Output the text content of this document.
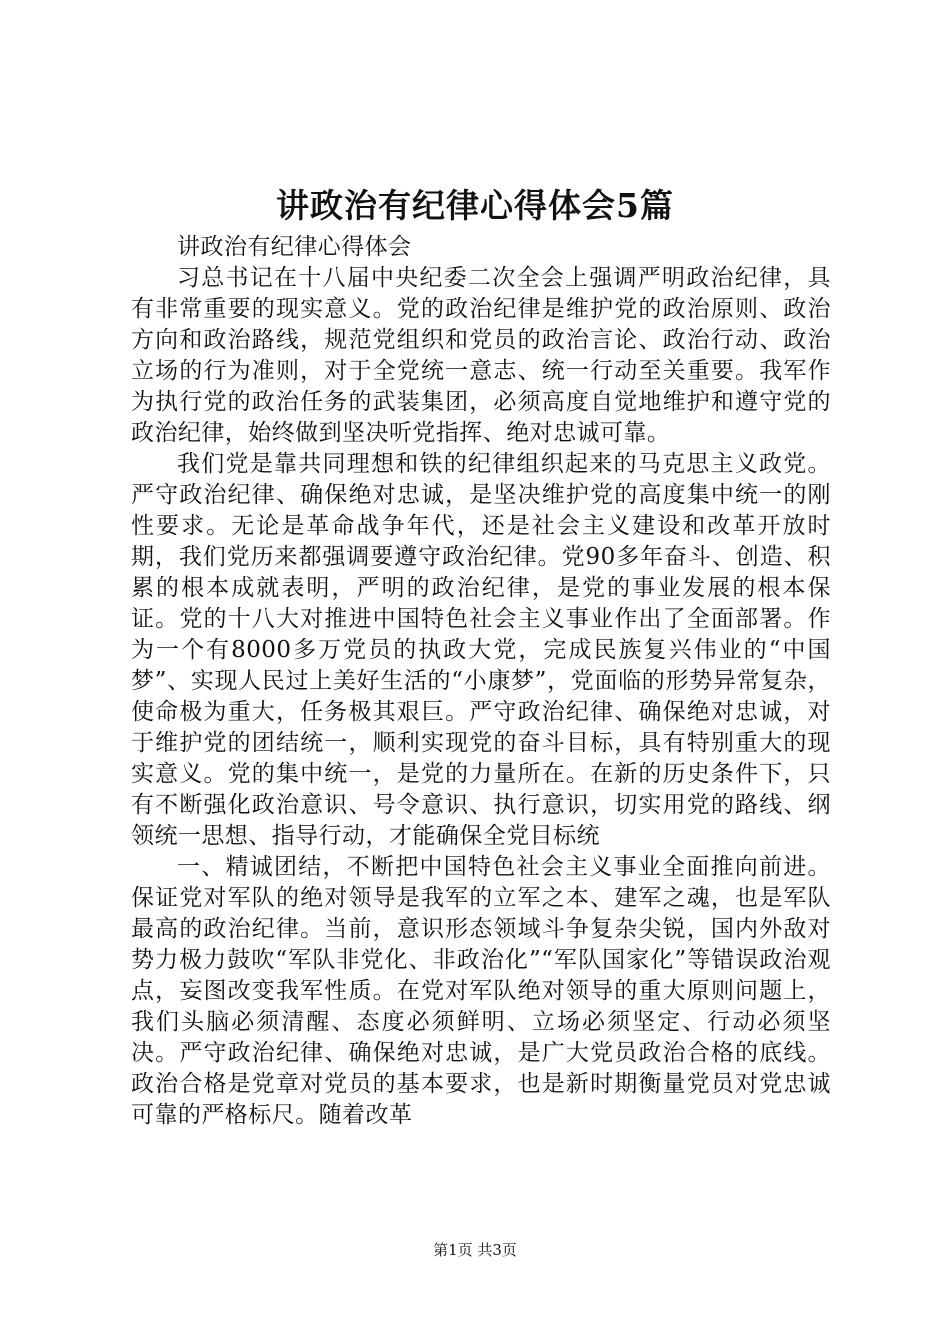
讲政治有纪律心得体会5篇

讲政治有纪律心得体会

习总书记在十八届中央纪委二次全会上强调严明政治纪律，具有非常重要的现实意义。党的政治纪律是维护党的政治原则、政治方向和政治路线，规范党组织和党员的政治言论、政治行动、政治立场的行为准则，对于全党统一意志、统一行动至关重要。我军作为执行党的政治任务的武装集团，必须高度自觉地维护和遵守党的政治纪律，始终做到坚决听党指挥、绝对忠诚可靠。

我们党是靠共同理想和铁的纪律组织起来的马克思主义政党。严守政治纪律、确保绝对忠诚，是坚决维护党的高度集中统一的刚性要求。无论是革命战争年代，还是社会主义建设和改革开放时期，我们党历来都强调要遵守政治纪律。党90多年奋斗、创造、积累的根本成就表明，严明的政治纪律，是党的事业发展的根本保证。党的十八大对推进中国特色社会主义事业作出了全面部署。作为一个有8000多万党员的执政大党，完成民族复兴伟业的“中国梦”、实现人民过上美好生活的“小康梦”，党面临的形势异常复杂，使命极为重大，任务极其艰巨。严守政治纪律、确保绝对忠诚，对于维护党的团结统一，顺利实现党的奋斗目标，具有特别重大的现实意义。党的集中统一，是党的力量所在。在新的历史条件下，只有不断强化政治意识、号令意识、执行意识，切实用党的路线、纲领统一思想、指导行动，才能确保全党目标统

一、精诚团结，不断把中国特色社会主义事业全面推向前进。保证党对军队的绝对领导是我军的立军之本、建军之魂，也是军队最高的政治纪律。当前，意识形态领域斗争复杂尖锐，国内外敌对势力极力鼓吹“军队非党化、非政治化”“军队国家化”等错误政治观点，妄图改变我军性质。在党对军队绝对领导的重大原则问题上，我们头脑必须清醒、态度必须鲜明、立场必须坚定、行动必须坚决。严守政治纪律、确保绝对忠诚，是广大党员政治合格的底线。政治合格是党章对党员的基本要求，也是新时期衡量党员对党忠诚可靠的严格标尺。随着改革

第1页 共3页
